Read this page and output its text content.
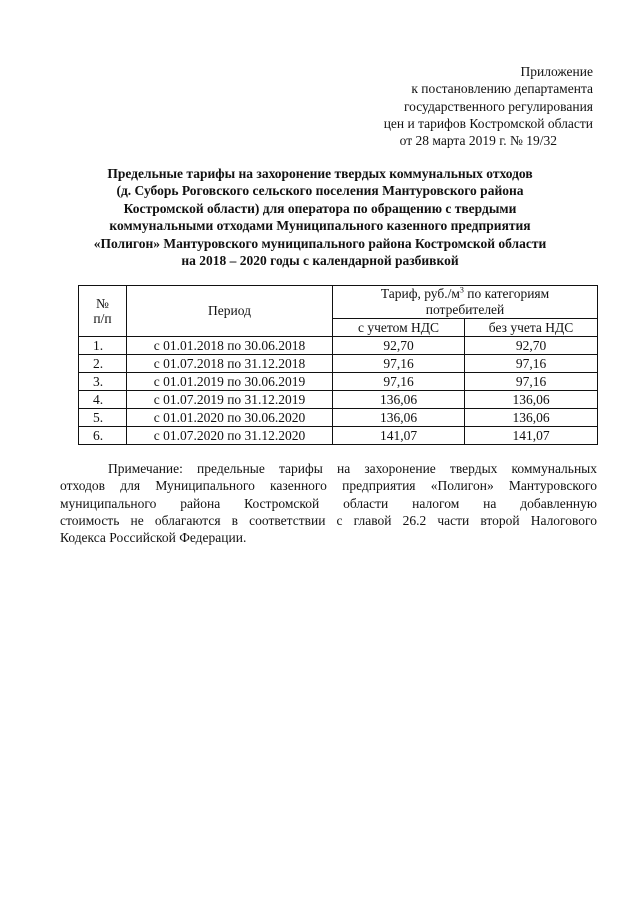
Приложение
к постановлению департамента
государственного регулирования
цен и тарифов Костромской области
от 28 марта 2019 г. № 19/32
Предельные тарифы на захоронение твердых коммунальных отходов
(д. Суборь Роговского сельского поселения Мантуровского района
Костромской области) для оператора по обращению с твердыми
коммунальными отходами Муниципального казенного предприятия
«Полигон» Мантуровского муниципального района Костромской области
на 2018 – 2020 годы с календарной разбивкой
№
п/п	Период	Тариф, $руб./м^3$ по категориям
потребителей	
		с учетом НДС	без учета НДС
1.	с 01.01.2018 по 30.06.2018	92,70	92,70
2.	с 01.07.2018 по 31.12.2018	97,16	97,16
3.	с 01.01.2019 по 30.06.2019	97,16	97,16
4.	с 01.07.2019 по 31.12.2019	136,06	136,06
5.	с 01.01.2020 по 30.06.2020	136,06	136,06
6.	с 01.07.2020 по 31.12.2020	141,07	141,07
Примечание: предельные тарифы на захоронение твердых коммунальных
отходов для Муниципального казенного предприятия «Полигон» Мантуровского
муниципального района Костромской области налогом на добавленную
стоимость не облагаются в соответствии с главой 26.2 части второй Налогового
Кодекса Российской Федерации.
